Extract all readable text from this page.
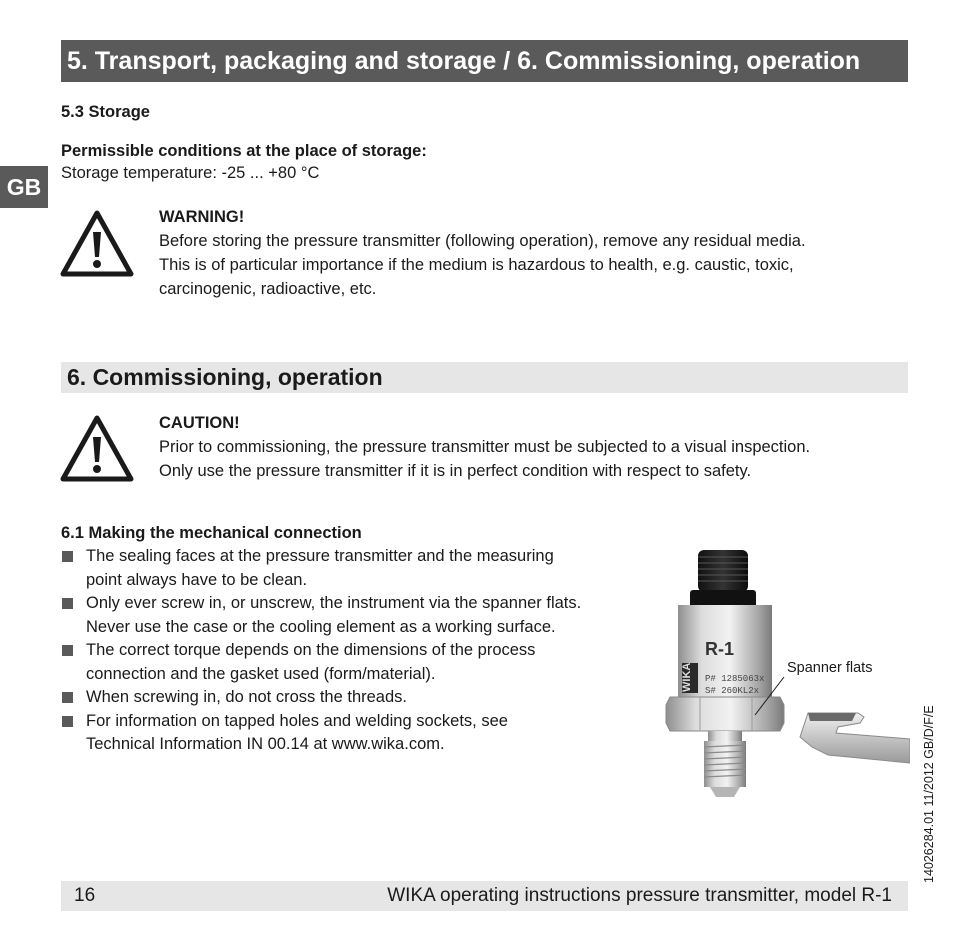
5. Transport, packaging and storage / 6. Commissioning, operation
GB
5.3 Storage
Permissible conditions at the place of storage:
Storage temperature: -25 ... +80 °C
WARNING!
Before storing the pressure transmitter (following operation), remove any residual media.
This is of particular importance if the medium is hazardous to health, e.g. caustic, toxic,
carcinogenic, radioactive, etc.
6. Commissioning, operation
CAUTION!
Prior to commissioning, the pressure transmitter must be subjected to a visual inspection.
Only use the pressure transmitter if it is in perfect condition with respect to safety.
6.1 Making the mechanical connection
The sealing faces at the pressure transmitter and the measuring
point always have to be clean.
Only ever screw in, or unscrew, the instrument via the spanner flats.
Never use the case or the cooling element as a working surface.
The correct torque depends on the dimensions of the process
connection and the gasket used (form/material).
When screwing in, do not cross the threads.
For information on tapped holes and welding sockets, see
Technical Information IN 00.14 at www.wika.com.
WIKA
R-1
P# 1285063x
S# 260KL2x
Spanner flats
14026284.01 11/2012 GB/D/F/E
16	WIKA operating instructions pressure transmitter, model R-1
